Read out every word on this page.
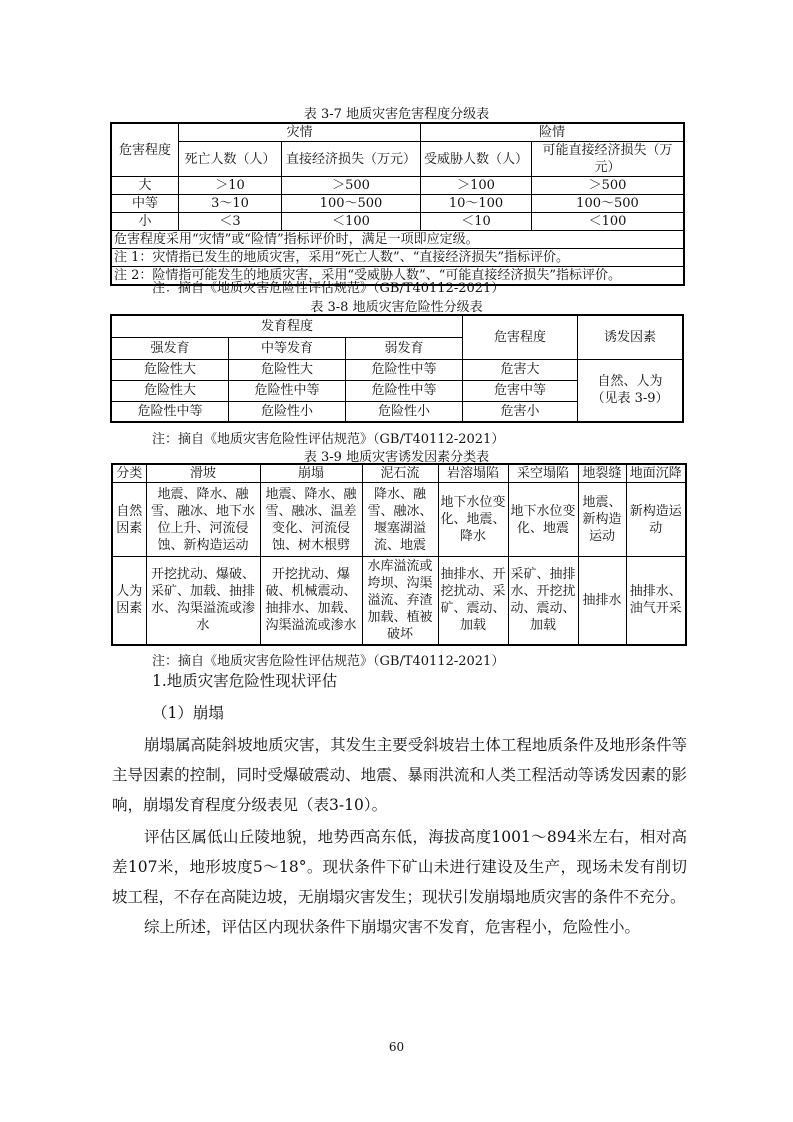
表 3-7 地质灾害危害程度分级表
危害程度	灾情		险情	
	死亡人数（人）	直接经济损失（万元）	受威胁人数（人）	可能直接经济损失（万元）
大	＞10	＞500	＞100	＞500
中等	3～10	100～500	10～100	100～500
小	＜3	＜100	＜10	＜100
危害程度采用“灾情”或“险情”指标评价时，满足一项即应定级。				
注 1：灾情指已发生的地质灾害，采用“死亡人数”、“直接经济损失”指标评价。				
注 2：险情指可能发生的地质灾害，采用“受威胁人数”、“可能直接经济损失”指标评价。				
注：摘自《地质灾害危险性评估规范》（GB/T40112-2021）
表 3-8 地质灾害危险性分级表
发育程度			危害程度	诱发因素
强发育	中等发育	弱发育		
危险性大	危险性大	危险性中等	危害大	自然、人为
（见表 3-9）

危险性大	危险性中等	危险性中等	危害中等	
危险性中等	危险性小	危险性小	危害小	
注：摘自《地质灾害危险性评估规范》（GB/T40112-2021）
表 3-9 地质灾害诱发因素分类表
分类	滑坡	崩塌	泥石流	岩溶塌陷	采空塌陷	地裂缝	地面沉降
自然因素	地震、降水、融雪、融冰、地下水位上升、河流侵蚀、新构造运动	地震、降水、融雪、融冰、温差变化、河流侵蚀、树木根劈	降水、融雪、融冰、堰塞湖溢流、地震	地下水位变化、地震、降水	地下水位变化、地震	地震、新构造运动	新构造运动
人为因素	开挖扰动、爆破、采矿、加载、抽排水、沟渠溢流或渗水	开挖扰动、爆破、机械震动、抽排水、加载、沟渠溢流或渗水	水库溢流或垮坝、沟渠溢流、弃渣加载、植被破坏	抽排水、开挖扰动、采矿、震动、加载	采矿、抽排水、开挖扰动、震动、加载	抽排水	抽排水、油气开采
注：摘自《地质灾害危险性评估规范》（GB/T40112-2021）
1.地质灾害危险性现状评估
（1）崩塌
崩塌属高陡斜坡地质灾害，其发生主要受斜坡岩土体工程地质条件及地形条件等主导因素的控制，同时受爆破震动、地震、暴雨洪流和人类工程活动等诱发因素的影响，崩塌发育程度分级表见（表3-10）。
评估区属低山丘陵地貌，地势西高东低，海拔高度1001～894米左右，相对高差107米，地形坡度5～18°。现状条件下矿山未进行建设及生产，现场未发有削切坡工程，不存在高陡边坡，无崩塌灾害发生；现状引发崩塌地质灾害的条件不充分。
综上所述，评估区内现状条件下崩塌灾害不发育，危害程小，危险性小。
60
